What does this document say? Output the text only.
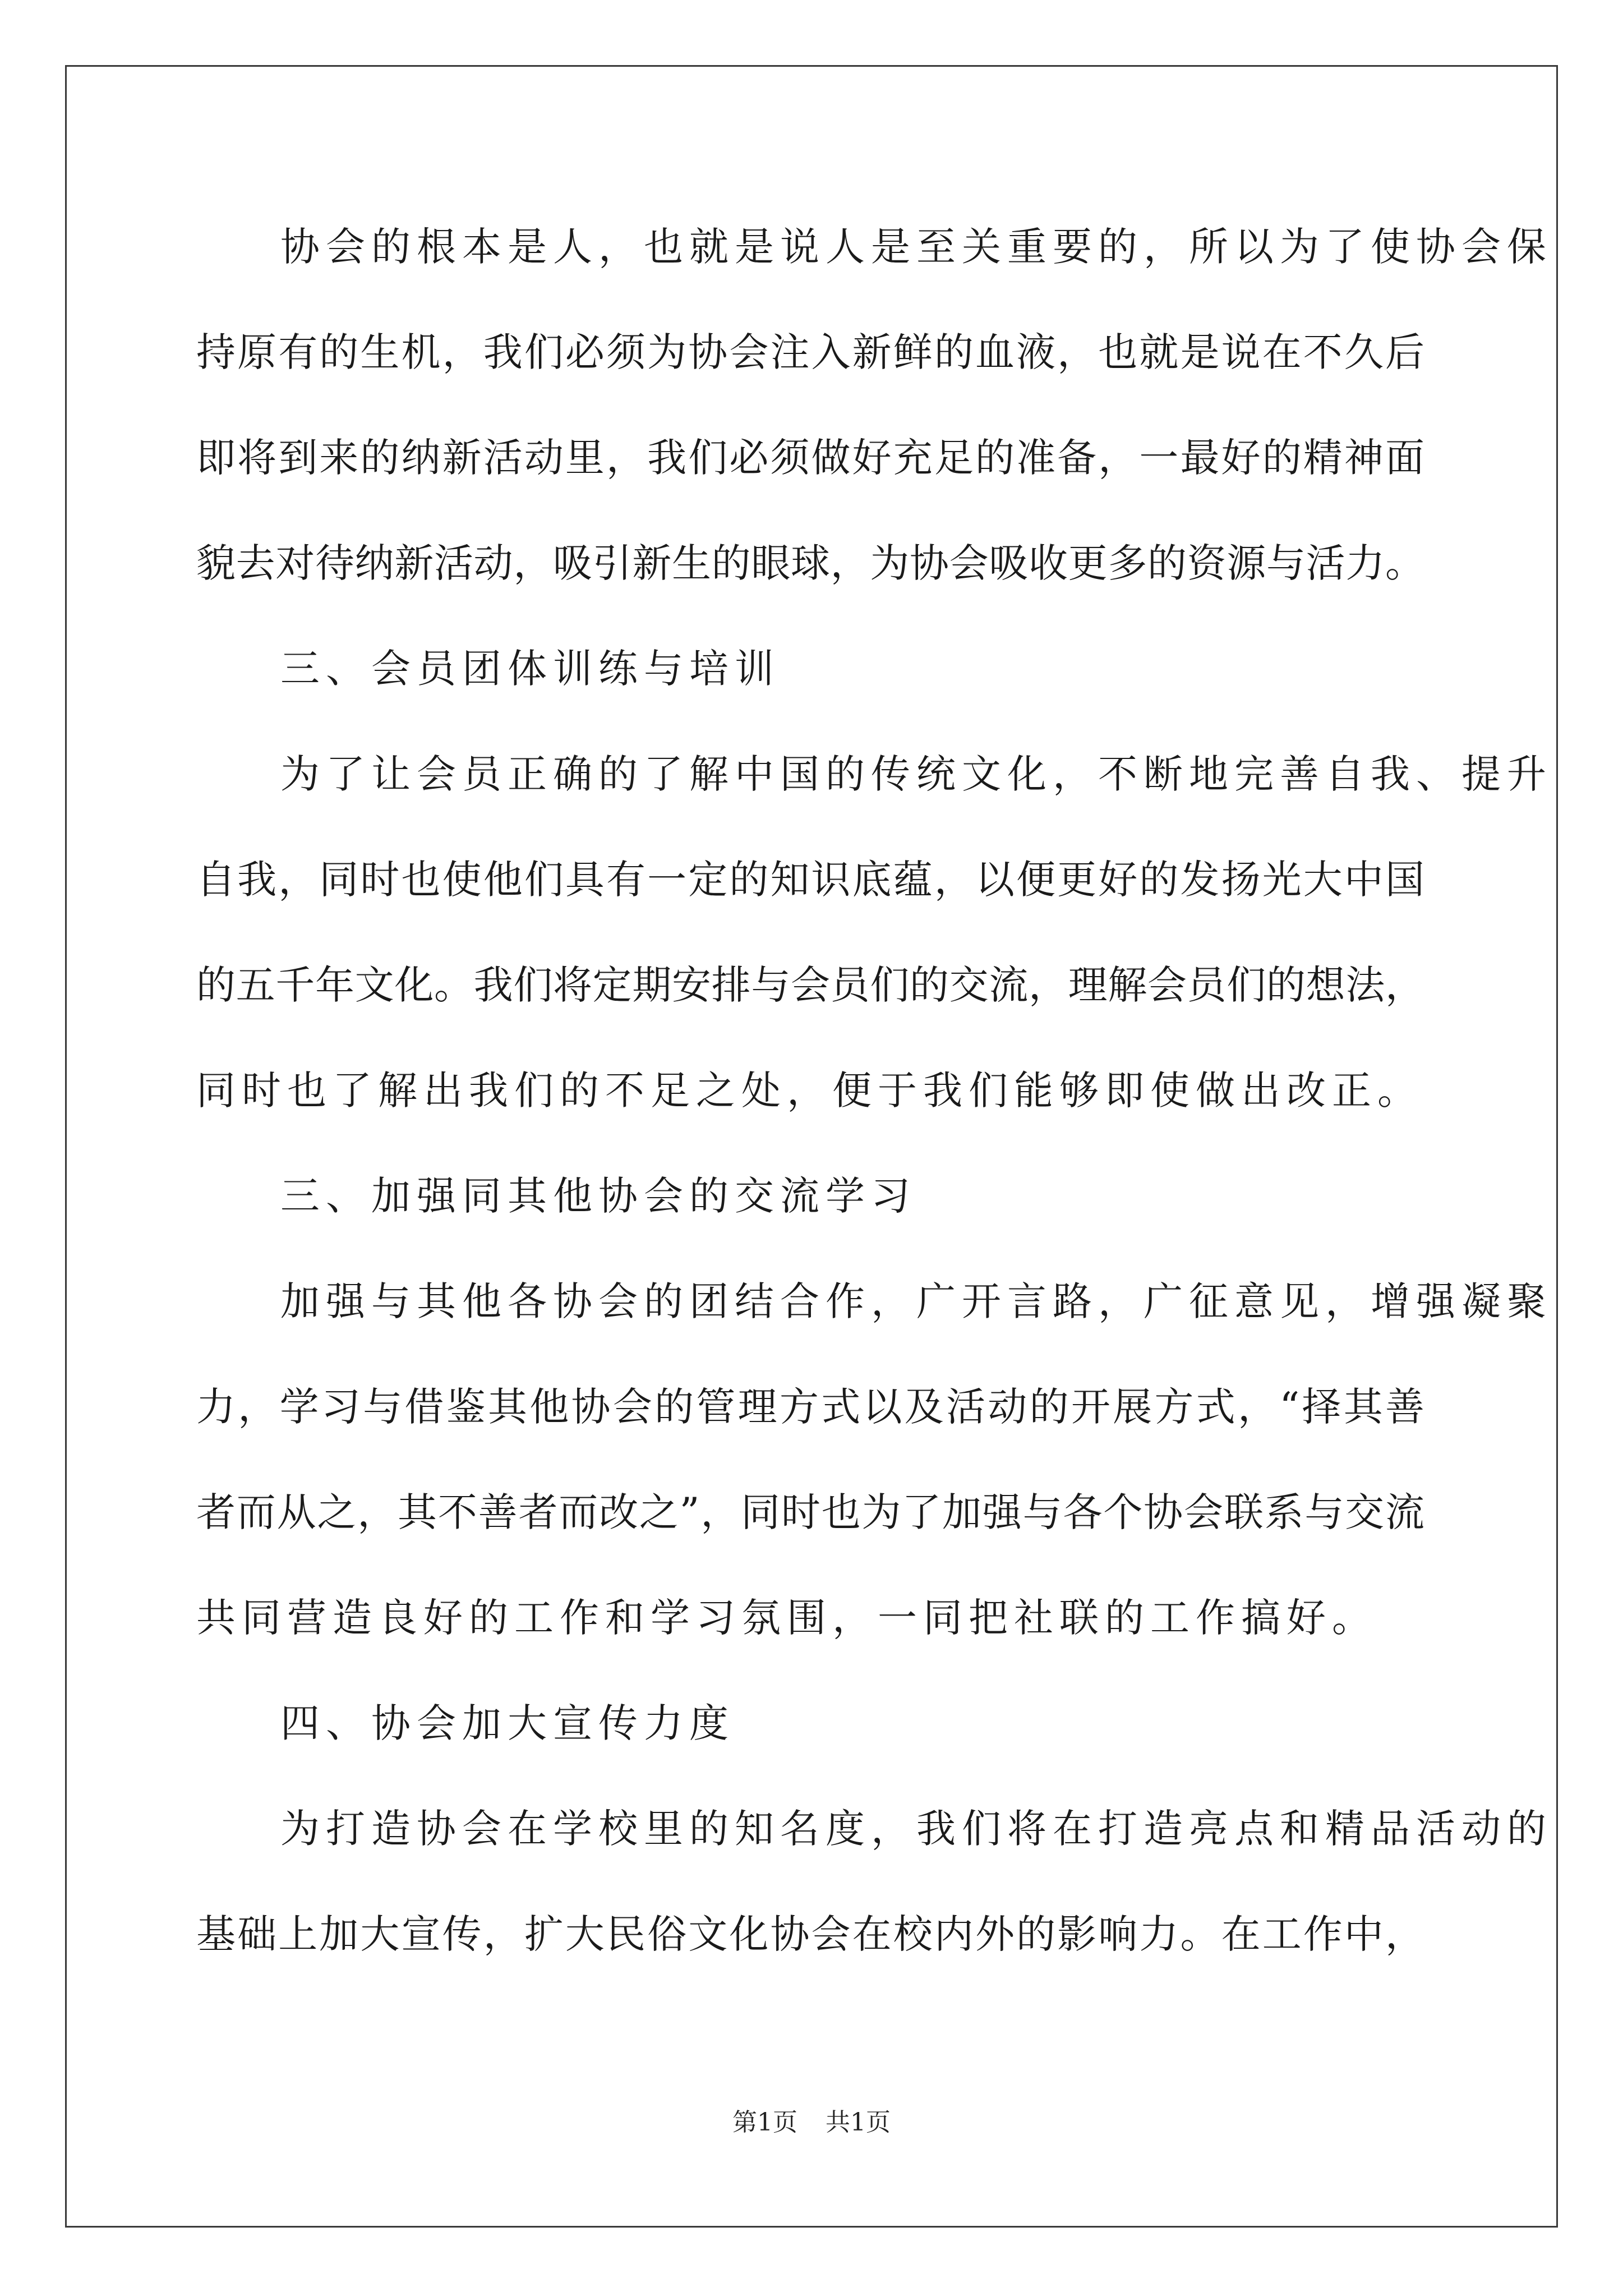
协会的根本是人，也就是说人是至关重要的，所以为了使协会保
持原有的生机，我们必须为协会注入新鲜的血液，也就是说在不久后
即将到来的纳新活动里，我们必须做好充足的准备，一最好的精神面
貌去对待纳新活动，吸引新生的眼球，为协会吸收更多的资源与活力。
三、会员团体训练与培训
为了让会员正确的了解中国的传统文化，不断地完善自我、提升
自我，同时也使他们具有一定的知识底蕴，以便更好的发扬光大中国
的五千年文化。我们将定期安排与会员们的交流，理解会员们的想法，
同时也了解出我们的不足之处，便于我们能够即使做出改正。
三、加强同其他协会的交流学习
加强与其他各协会的团结合作，广开言路，广征意见，增强凝聚
力，学习与借鉴其他协会的管理方式以及活动的开展方式，“择其善
者而从之，其不善者而改之”，同时也为了加强与各个协会联系与交流
共同营造良好的工作和学习氛围，一同把社联的工作搞好。
四、协会加大宣传力度
为打造协会在学校里的知名度，我们将在打造亮点和精品活动的
基础上加大宣传，扩大民俗文化协会在校内外的影响力。在工作中，
第1页 共1页
